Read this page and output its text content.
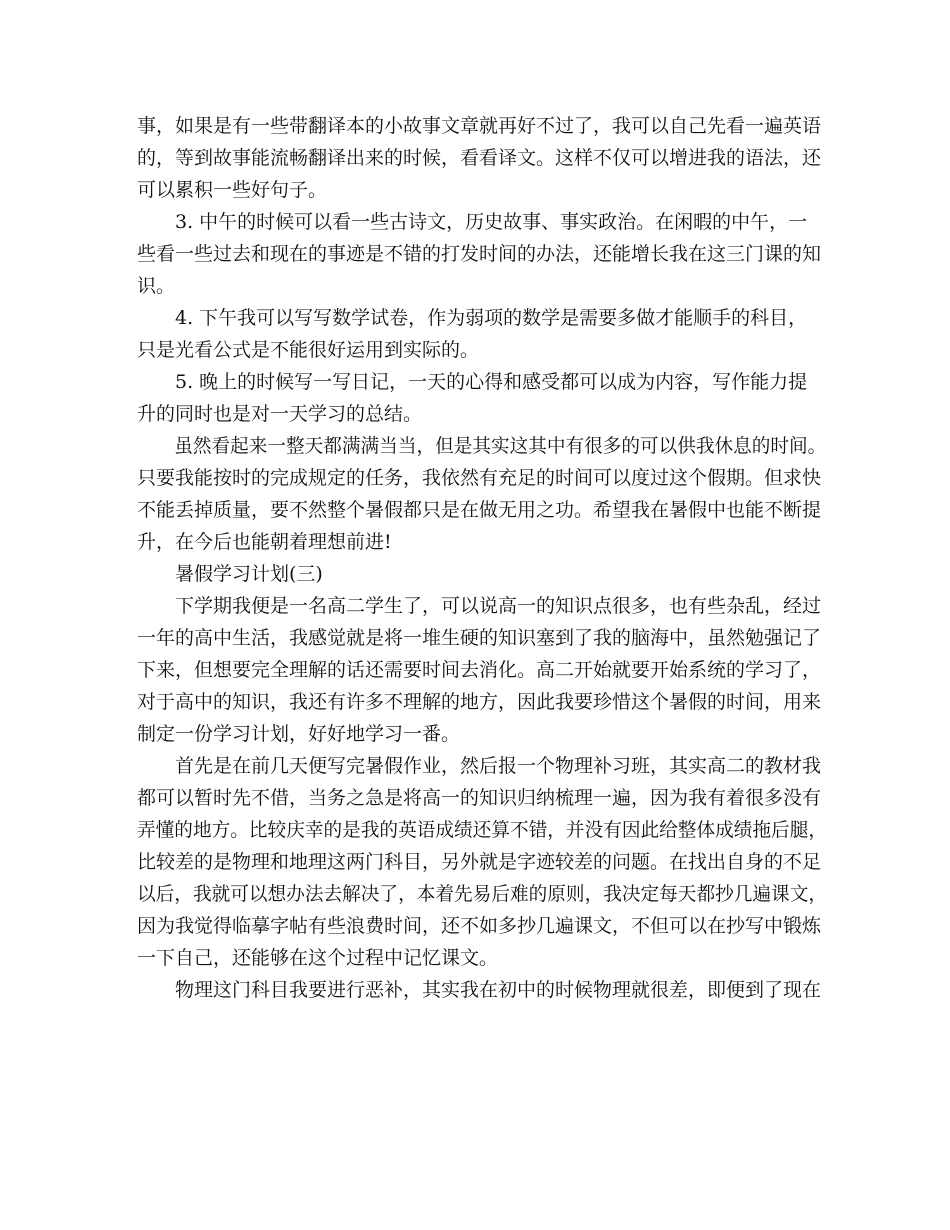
事，如果是有一些带翻译本的小故事文章就再好不过了，我可以自己先看一遍英语
的，等到故事能流畅翻译出来的时候，看看译文。这样不仅可以增进我的语法，还
可以累积一些好句子。
3. 中午的时候可以看一些古诗文，历史故事、事实政治。在闲暇的中午，一
些看一些过去和现在的事迹是不错的打发时间的办法，还能增长我在这三门课的知
识。
4. 下午我可以写写数学试卷，作为弱项的数学是需要多做才能顺手的科目，
只是光看公式是不能很好运用到实际的。
5. 晚上的时候写一写日记，一天的心得和感受都可以成为内容，写作能力提
升的同时也是对一天学习的总结。
虽然看起来一整天都满满当当，但是其实这其中有很多的可以供我休息的时间。
只要我能按时的完成规定的任务，我依然有充足的时间可以度过这个假期。但求快
不能丢掉质量，要不然整个暑假都只是在做无用之功。希望我在暑假中也能不断提
升，在今后也能朝着理想前进!
暑假学习计划(三)
下学期我便是一名高二学生了，可以说高一的知识点很多，也有些杂乱，经过
一年的高中生活，我感觉就是将一堆生硬的知识塞到了我的脑海中，虽然勉强记了
下来，但想要完全理解的话还需要时间去消化。高二开始就要开始系统的学习了，
对于高中的知识，我还有许多不理解的地方，因此我要珍惜这个暑假的时间，用来
制定一份学习计划，好好地学习一番。
首先是在前几天便写完暑假作业，然后报一个物理补习班，其实高二的教材我
都可以暂时先不借，当务之急是将高一的知识归纳梳理一遍，因为我有着很多没有
弄懂的地方。比较庆幸的是我的英语成绩还算不错，并没有因此给整体成绩拖后腿，
比较差的是物理和地理这两门科目，另外就是字迹较差的问题。在找出自身的不足
以后，我就可以想办法去解决了，本着先易后难的原则，我决定每天都抄几遍课文，
因为我觉得临摹字帖有些浪费时间，还不如多抄几遍课文，不但可以在抄写中锻炼
一下自己，还能够在这个过程中记忆课文。
物理这门科目我要进行恶补，其实我在初中的时候物理就很差，即便到了现在
